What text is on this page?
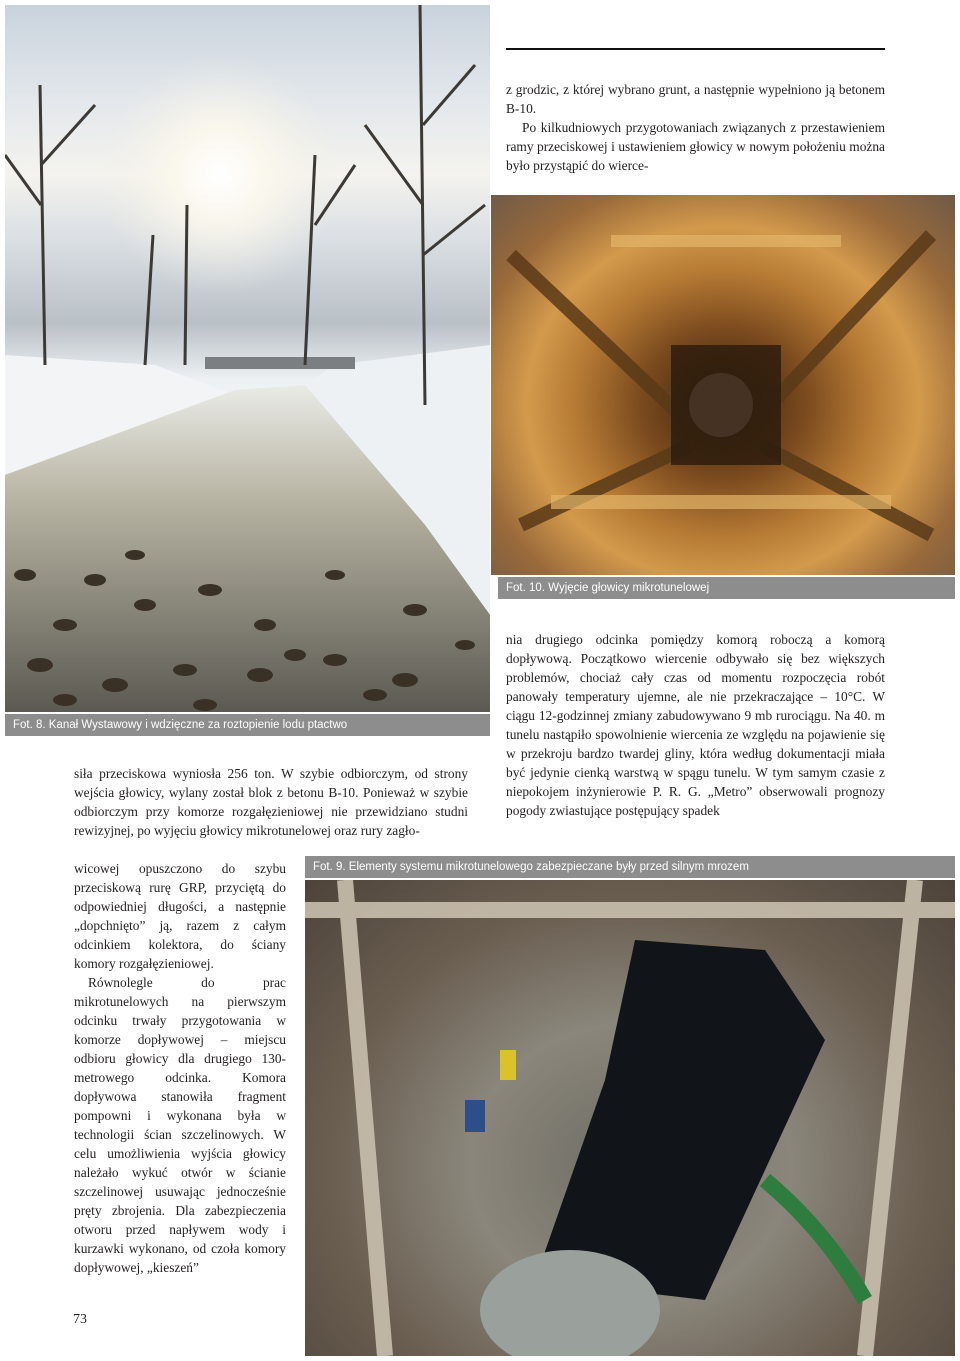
z grodzic, z której wybrano grunt, a następnie wypełniono ją betonem B-10.

Po kilkudniowych przygotowaniach związanych z przestawieniem ramy przeciskowej i ustawieniem głowicy w nowym położeniu można było przystąpić do wierce-

Fot. 10. Wyjęcie głowicy mikrotunelowej
nia drugiego odcinka pomiędzy komorą roboczą a komorą dopływową. Początkowo wiercenie odbywało się bez większych problemów, chociaż cały czas od momentu rozpoczęcia robót panowały temperatury ujemne, ale nie przekraczające – 10°C. W ciągu 12-godzinnej zmiany zabudowywano 9 mb rurociągu. Na 40. m tunelu nastąpiło spowolnienie wiercenia ze względu na pojawienie się w przekroju bardzo twardej gliny, która według dokumentacji miała być jedynie cienką warstwą w spągu tunelu. W tym samym czasie z niepokojem inżynierowie P. R. G. „Metro” obserwowali prognozy pogody zwiastujące postępujący spadek
Fot. 8. Kanał Wystawowy i wdzięczne za roztopienie lodu ptactwo
siła przeciskowa wyniosła 256 ton. W szybie odbiorczym, od strony wejścia głowicy, wylany został blok z betonu B-10. Ponieważ w szybie odbiorczym przy komorze rozgałęzieniowej nie przewidziano studni rewizyjnej, po wyjęciu głowicy mikrotunelowej oraz rury zagło-
wicowej opuszczono do szybu przeciskową rurę GRP, przyciętą do odpowiedniej długości, a następnie „dopchnięto” ją, razem z całym odcinkiem kolektora, do ściany komory rozgałęzieniowej.
Równolegle do prac mikrotunelowych na pierwszym odcinku trwały przygotowania w komorze dopływowej – miejscu odbioru głowicy dla drugiego 130-metrowego odcinka. Komora dopływowa stanowiła fragment pompowni i wykonana była w technologii ścian szczelinowych. W celu umożliwienia wyjścia głowicy należało wykuć otwór w ścianie szczelinowej usuwając jednocześnie pręty zbrojenia. Dla zabezpieczenia otworu przed napływem wody i kurzawki wykonano, od czoła komory dopływowej, „kieszeń”
Fot. 9. Elementy systemu mikrotunelowego zabezpieczane były przed silnym mrozem
73
